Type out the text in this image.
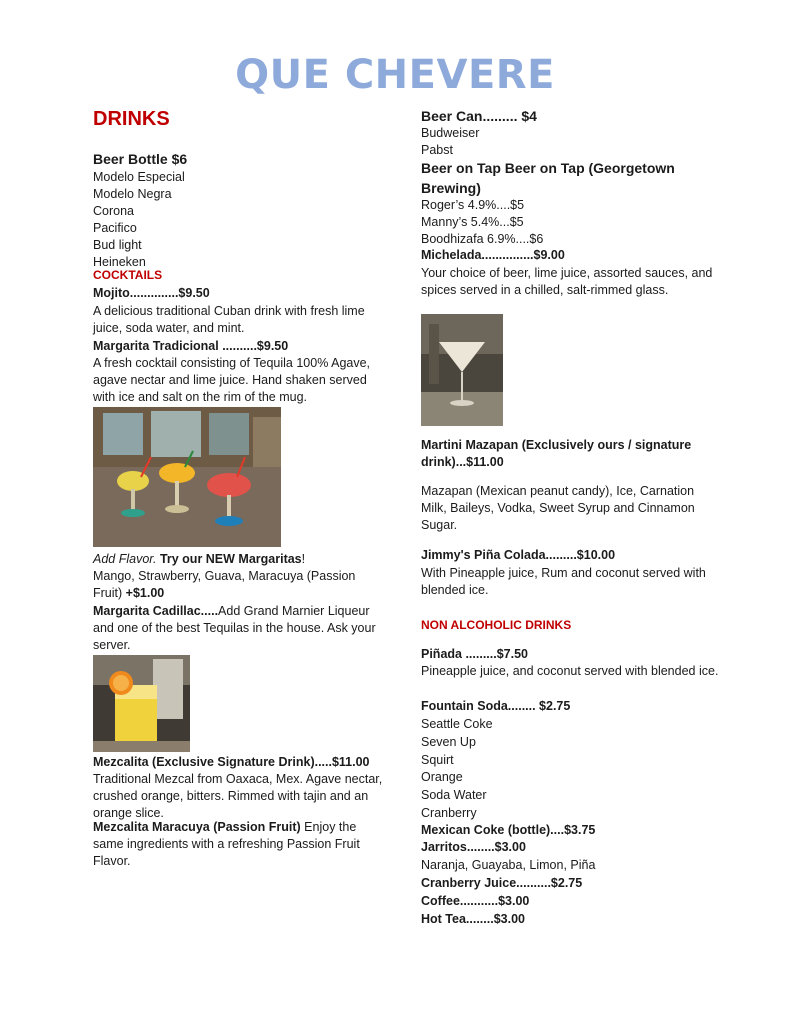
QUE CHEVERE
DRINKS
Beer Bottle $6
Modelo Especial
Modelo Negra
Corona
Pacifico
Bud light
Heineken
COCKTAILS
Mojito..............$9.50
A delicious traditional Cuban drink with fresh lime juice, soda water, and mint.
Margarita Tradicional ..........$9.50
A fresh cocktail consisting of Tequila 100% Agave, agave nectar and lime juice. Hand shaken served with ice and salt on the rim of the mug.
Add Flavor. Try our NEW Margaritas!
Mango, Strawberry, Guava, Maracuya (Passion Fruit) +$1.00
Margarita Cadillac.....Add Grand Marnier Liqueur and one of the best Tequilas in the house. Ask your server.
Mezcalita (Exclusive Signature Drink).....$11.00
Traditional Mezcal from Oaxaca, Mex. Agave nectar, crushed orange, bitters. Rimmed with tajin and an orange slice.
Mezcalita Maracuya (Passion Fruit) Enjoy the same ingredients with a refreshing Passion Fruit Flavor.
Beer Can......... $4
Budweiser
Pabst
Beer on Tap Beer on Tap (Georgetown Brewing)
Roger’s 4.9%....$5
Manny’s 5.4%...$5
Boodhizafa 6.9%....$6
Michelada...............$9.00
Your choice of beer, lime juice, assorted sauces, and spices served in a chilled, salt-rimmed glass.
Martini Mazapan (Exclusively ours / signature drink)...$11.00
Mazapan (Mexican peanut candy), Ice, Carnation Milk, Baileys, Vodka, Sweet Syrup and Cinnamon Sugar.
Jimmy's Piña Colada.........$10.00
With Pineapple juice, Rum and coconut served with blended ice.
NON ALCOHOLIC DRINKS
Piñada .........$7.50
Pineapple juice, and coconut served with blended ice.
Fountain Soda........ $2.75
Seattle Coke
Seven Up
Squirt
Orange
Soda Water
Cranberry
Mexican Coke (bottle)....$3.75
Jarritos........$3.00
Naranja, Guayaba, Limon, Piña
Cranberry Juice..........$2.75
Coffee...........$3.00
Hot Tea........$3.00
